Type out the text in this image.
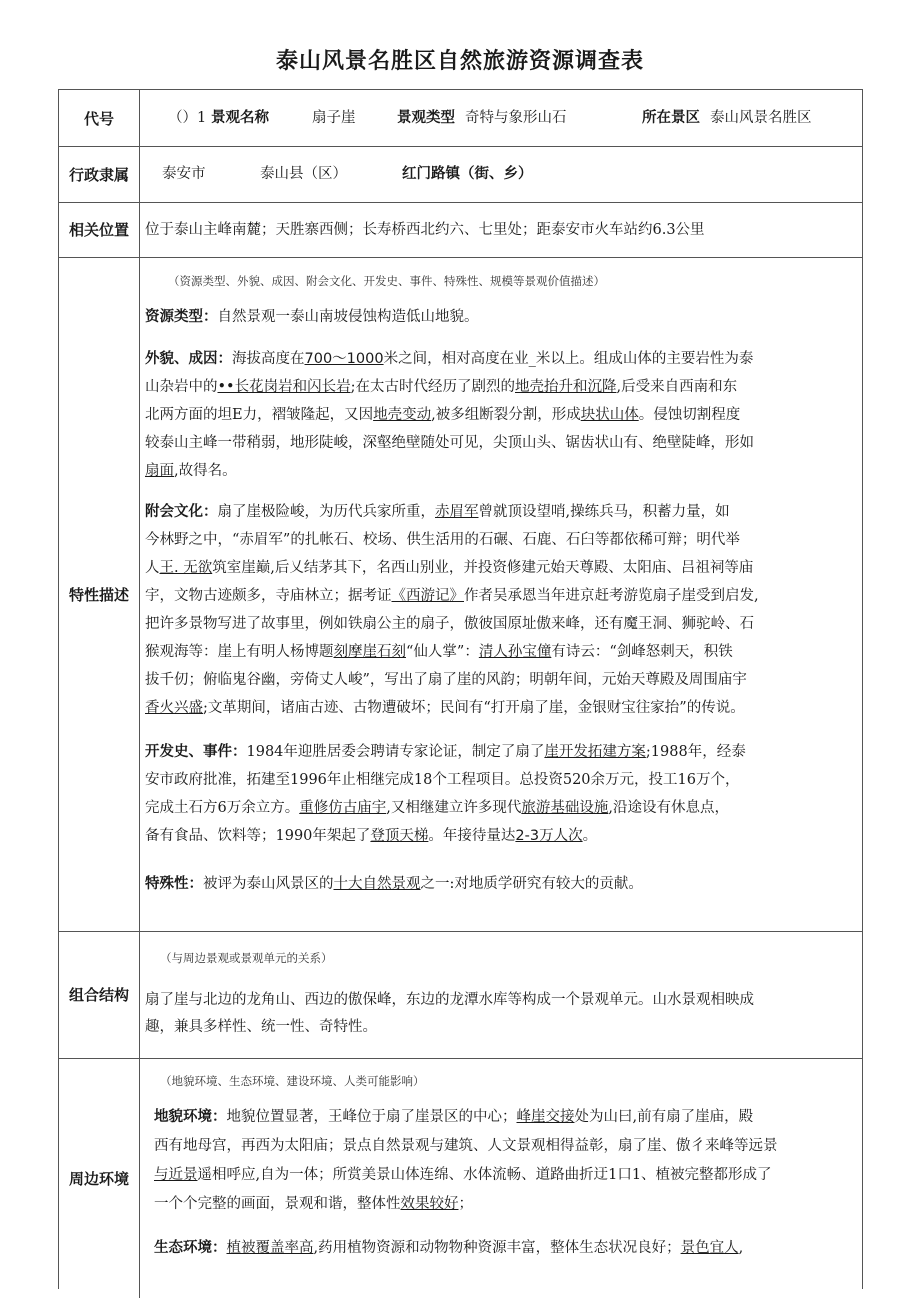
泰山风景名胜区自然旅游资源调查表
代号	（）1 景观名称	扇子崖	景观类型 奇特与象形山石	所在景区 泰山风景名胜区
行政隶属	泰安市	泰山县（区）	红门路镇（街、乡）
相关位置	位于泰山主峰南麓；天胜寨西侧；长寿桥西北约六、七里处；距泰安市火车站约6.3公里
特性描述
（资源类型、外貌、成因、附会文化、开发史、事件、特殊性、规模等景观价值描述）
资源类型：自然景观一泰山南坡侵蚀构造低山地貌。
外貌、成因：海拔高度在700～1000米之间，相对高度在业_米以上。组成山体的主要岩性为泰
山杂岩中的••长花岗岩和闪长岩;在太古时代经历了剧烈的地壳抬升和沉降,后受来自西南和东
北两方面的坦E力，褶皱隆起，又因地壳变动,被多组断裂分割，形成块状山体。侵蚀切割程度
较泰山主峰一带稍弱，地形陡峻，深壑绝壁随处可见，尖顶山头、锯齿状山有、绝壁陡峰，形如
扇面,故得名。
附会文化：扇了崖极险峻，为历代兵家所重，赤眉军曾就顶设望哨,操练兵马，积蓄力量，如
今林野之中，“赤眉军”的扎帐石、校场、供生活用的石碾、石鹿、石臼等都依稀可辩；明代举
人王. 无欲筑室崖巅,后乂结茅其下，名西山别业，并投资修建元始天尊殿、太阳庙、吕祖祠等庙
宇，文物古迹颇多，寺庙林立；据考证《西游记》作者吴承恩当年进京赶考游览扇子崖受到启发,
把许多景物写进了故事里，例如铁扇公主的扇子，傲彼国原址傲来峰，还有魔王洞、狮驼岭、石
猴观海等：崖上有明人杨博题刻摩崖石刻“仙人掌”：清人孙宝僮有诗云：“剑峰怒刺天，积铁
拔千仞；俯临鬼谷幽，旁倚丈人峻”，写出了扇了崖的风韵；明朝年间，元始天尊殿及周围庙宇
香火兴盛;文革期间，诸庙古迹、古物遭破坏；民间有“打开扇了崖，金银财宝往家抬”的传说。
开发史、事件：1984年迎胜居委会聘请专家论证，制定了扇了崖开发拓建方案;1988年，经泰
安市政府批准，拓建至1996年止相继完成18个工程项目。总投资520余万元，投工16万个，
完成土石方6万余立方。重修仿古庙宇,又相继建立许多现代旅游基础设施,沿途设有休息点，
备有食品、饮料等；1990年架起了登顶天梯。年接待量达2-3万人次。
特殊性：被评为泰山风景区的十大自然景观之一:对地质学研究有较大的贡献。
组合结构
（与周边景观或景观单元的关系）
扇了崖与北边的龙角山、西边的傲保峰，东边的龙潭水库等构成一个景观单元。山水景观相映成
趣，兼具多样性、统一性、奇特性。
周边环境
（地貌环境、生态环境、建设环境、人类可能影响）
地貌环境：地貌位置显著，王峰位于扇了崖景区的中心；峰崖交接处为山曰,前有扇了崖庙，殿
西有地母宫，再西为太阳庙；景点自然景观与建筑、人文景观相得益彰，扇了崖、傲彳来峰等远景
与近景遥相呼应,自为一体；所赏美景山体连绵、水体流畅、道路曲折迂1口1、植被完整都形成了
一个个完整的画面，景观和谐，整体性效果较好；
生态环境：植被覆盖率高,药用植物资源和动物物种资源丰富，整体生态状况良好；景色宜人,
